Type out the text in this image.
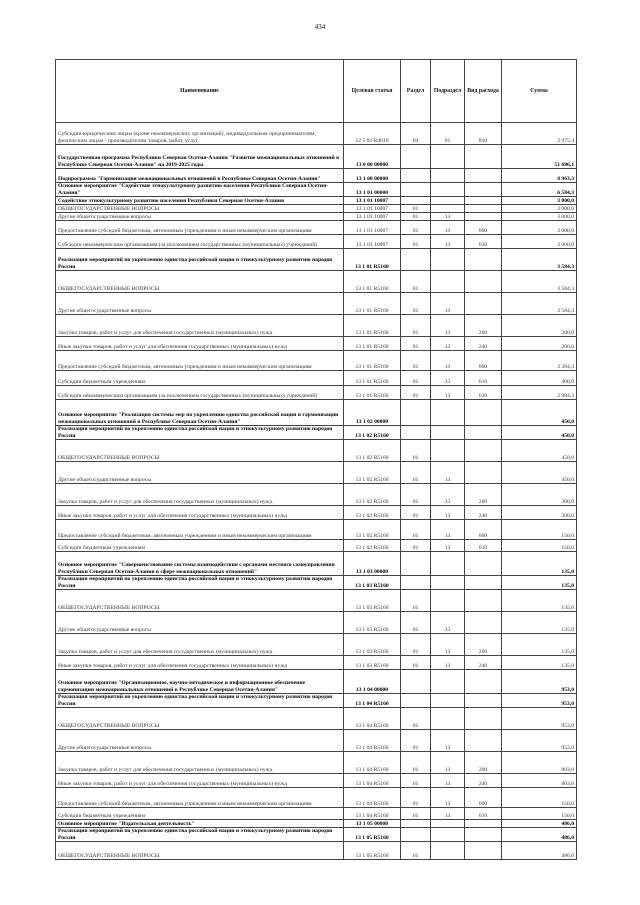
434
Наименование	Целевая статья	Раздел	Подраздел	Вид расхода	Сумма
Субсидии юридическим лицам (кроме некоммерческих организаций), индивидуальным предпринимателям, физическим лицам - производителям товаров, работ, услуг	12 5 02 R4610	04	01	810	2 975,4
Государственная программа Республики Северная Осетия-Алания "Развитие межнациональных отношений в Республике Северная Осетия-Алания" на 2019-2025 годы	13 0 00 00000				51 686,1
Подпрограмма "Гармонизация межнациональных отношений в Республике Северная Осетия-Алания"	13 1 00 00000				8 963,3
Основное мероприятие "Содействие этнокультурному развитию населения Республики Северная Осетия-Алания"	13 1 01 00000				6 584,3
Содействие этнокультурному развитию населения Республики Северная Осетия-Алания	13 1 01 10007				3 000,0
ОБЩЕГОСУДАРСТВЕННЫЕ ВОПРОСЫ	13 1 01 10007	01			3 000,0
Другие общегосударственные вопросы	13 1 01 10007	01	13		3 000,0
Предоставление субсидий бюджетным, автономным учреждениям и иным некоммерческим организациям	13 1 01 10007	01	13	600	3 000,0
Субсидии некоммерческим организациям (за исключением государственных (муниципальных) учреждений)	13 1 01 10007	01	13	630	3 000,0
Реализация мероприятий по укреплению единства российской нации и этнокультурному развитию народов России	13 1 01 R5160				3 584,3
ОБЩЕГОСУДАРСТВЕННЫЕ ВОПРОСЫ	13 1 01 R5160	01			3 584,3
Другие общегосударственные вопросы	13 1 01 R5160	01	13		3 584,3
Закупка товаров, работ и услуг для обеспечения государственных (муниципальных) нужд	13 1 01 R5160	01	13	200	200,0
Иные закупки товаров, работ и услуг для обеспечения государственных (муниципальных) нужд	13 1 01 R5160	01	13	240	200,0
Предоставление субсидий бюджетным, автономным учреждениям и иным некоммерческим организациям	13 1 01 R5160	01	13	600	3 384,3
Субсидии бюджетным учреждениям	13 1 01 R5160	01	13	610	400,0
Субсидии некоммерческим организациям (за исключением государственных (муниципальных) учреждений)	13 1 01 R5160	01	13	630	2 984,3
Основное мероприятие "Реализация системы мер по укреплению единства российской нации и гармонизации межнациональных отношений в Республике Северная Осетия-Алания"	13 1 02 00000				450,0
Реализация мероприятий по укреплению единства российской нации и этнокультурному развитию народов России	13 1 02 R5160				450,0
ОБЩЕГОСУДАРСТВЕННЫЕ ВОПРОСЫ	13 1 02 R5160	01			450,0
Другие общегосударственные вопросы	13 1 02 R5160	01	13		450,0
Закупка товаров, работ и услуг для обеспечения государственных (муниципальных) нужд	13 1 02 R5160	01	13	200	300,0
Иные закупки товаров, работ и услуг для обеспечения государственных (муниципальных) нужд	13 1 02 R5160	01	13	240	300,0
Предоставление субсидий бюджетным, автономным учреждениям и иным некоммерческим организациям	13 1 02 R5160	01	13	600	150,0
Субсидии бюджетным учреждениям	13 1 02 R5160	01	13	610	150,0
Основное мероприятие "Совершенствование системы взаимодействия с органами местного самоуправления Республики Северная Осетия-Алания в сфере межнациональных отношений"	13 1 03 00000				135,0
Реализация мероприятий по укреплению единства российской нации и этнокультурному развитию народов России	13 1 03 R5160				135,0
ОБЩЕГОСУДАРСТВЕННЫЕ ВОПРОСЫ	13 1 03 R5160	01			135,0
Другие общегосударственные вопросы	13 1 03 R5160	01	13		135,0
Закупка товаров, работ и услуг для обеспечения государственных (муниципальных) нужд	13 1 03 R5160	01	13	200	135,0
Иные закупки товаров, работ и услуг для обеспечения государственных (муниципальных) нужд	13 1 03 R5160	01	13	240	135,0
Основное мероприятие "Организационное, научно-методическое и информационное обеспечение гармонизации межнациональных отношений в Республике Северная Осетия-Алания"	13 1 04 00000				953,0
Реализация мероприятий по укреплению единства российской нации и этнокультурному развитию народов России	13 1 04 R5160				953,0
ОБЩЕГОСУДАРСТВЕННЫЕ ВОПРОСЫ	13 1 04 R5160	01			953,0
Другие общегосударственные вопросы	13 1 04 R5160	01	13		953,0
Закупка товаров, работ и услуг для обеспечения государственных (муниципальных) нужд	13 1 04 R5160	01	13	200	803,0
Иные закупки товаров, работ и услуг для обеспечения государственных (муниципальных) нужд	13 1 04 R5160	01	13	240	803,0
Предоставление субсидий бюджетным, автономным учреждениям и иным некоммерческим организациям	13 1 04 R5160	01	13	600	150,0
Субсидии бюджетным учреждениям	13 1 04 R5160	01	13	610	150,0
Основное мероприятие "Издательская деятельность"	13 1 05 00000				486,0
Реализация мероприятий по укреплению единства российской нации и этнокультурному развитию народов России	13 1 05 R5160				486,0
ОБЩЕГОСУДАРСТВЕННЫЕ ВОПРОСЫ	13 1 05 R5160	01			486,0
